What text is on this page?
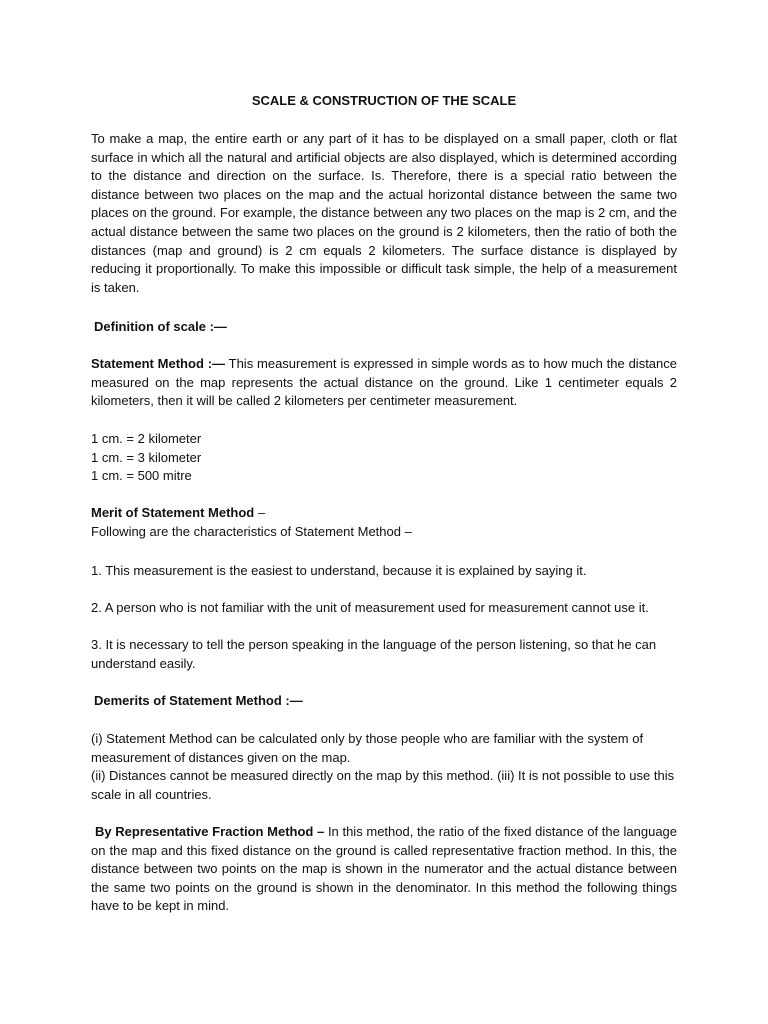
SCALE & CONSTRUCTION OF THE SCALE

To make a map, the entire earth or any part of it has to be displayed on a small paper, cloth or flat surface in which all the natural and artificial objects are also displayed, which is determined according to the distance and direction on the surface. Is. Therefore, there is a special ratio between the distance between two places on the map and the actual horizontal distance between the same two places on the ground. For example, the distance between any two places on the map is 2 cm, and the actual distance between the same two places on the ground is 2 kilometers, then the ratio of both the distances (map and ground) is 2 cm equals 2 kilometers. The surface distance is displayed by reducing it proportionally. To make this impossible or difficult task simple, the help of a measurement is taken.

Definition of scale :—

Statement Method :— This measurement is expressed in simple words as to how much the distance measured on the map represents the actual distance on the ground. Like 1 centimeter equals 2 kilometers, then it will be called 2 kilometers per centimeter measurement.

1 cm. = 2 kilometer
1 cm. = 3 kilometer
1 cm. = 500 mitre
Merit of Statement Method –
Following are the characteristics of Statement Method –

1. This measurement is the easiest to understand, because it is explained by saying it.

2. A person who is not familiar with the unit of measurement used for measurement cannot use it.

3. It is necessary to tell the person speaking in the language of the person listening, so that he can understand easily.

Demerits of Statement Method :—

(i) Statement Method can be calculated only by those people who are familiar with the system of measurement of distances given on the map.

(ii) Distances cannot be measured directly on the map by this method. (iii) It is not possible to use this scale in all countries.

By Representative Fraction Method – In this method, the ratio of the fixed distance of the language on the map and this fixed distance on the ground is called representative fraction method. In this, the distance between two points on the map is shown in the numerator and the actual distance between the same two points on the ground is shown in the denominator. In this method the following things have to be kept in mind.
